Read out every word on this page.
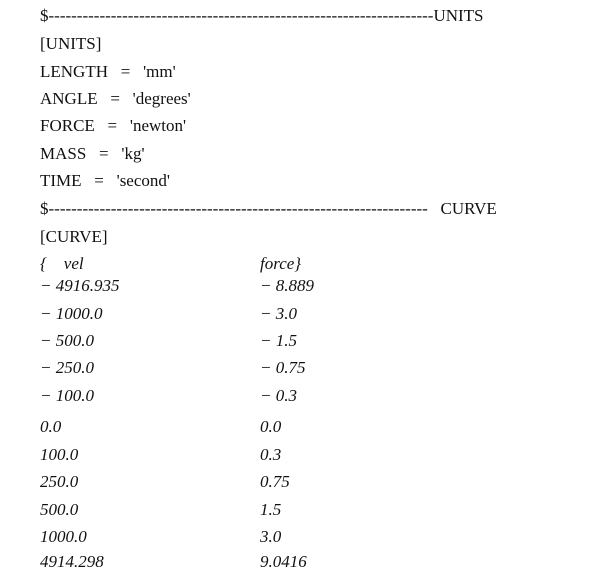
$--------------------------------------------------------------------UNITS
[UNITS]
LENGTH   =   'mm'
ANGLE   =   'degrees'
FORCE   =   'newton'
MASS   =   'kg'
TIME   =   'second'
$-------------------------------------------------------------------   CURVE
[CURVE]
{    vel	force}
− 4916.935	− 8.889
− 1000.0	− 3.0
− 500.0	− 1.5
− 250.0	− 0.75
− 100.0	− 0.3
0.0	0.0
100.0	0.3
250.0	0.75
500.0	1.5
1000.0	3.0
4914.298	9.0416
